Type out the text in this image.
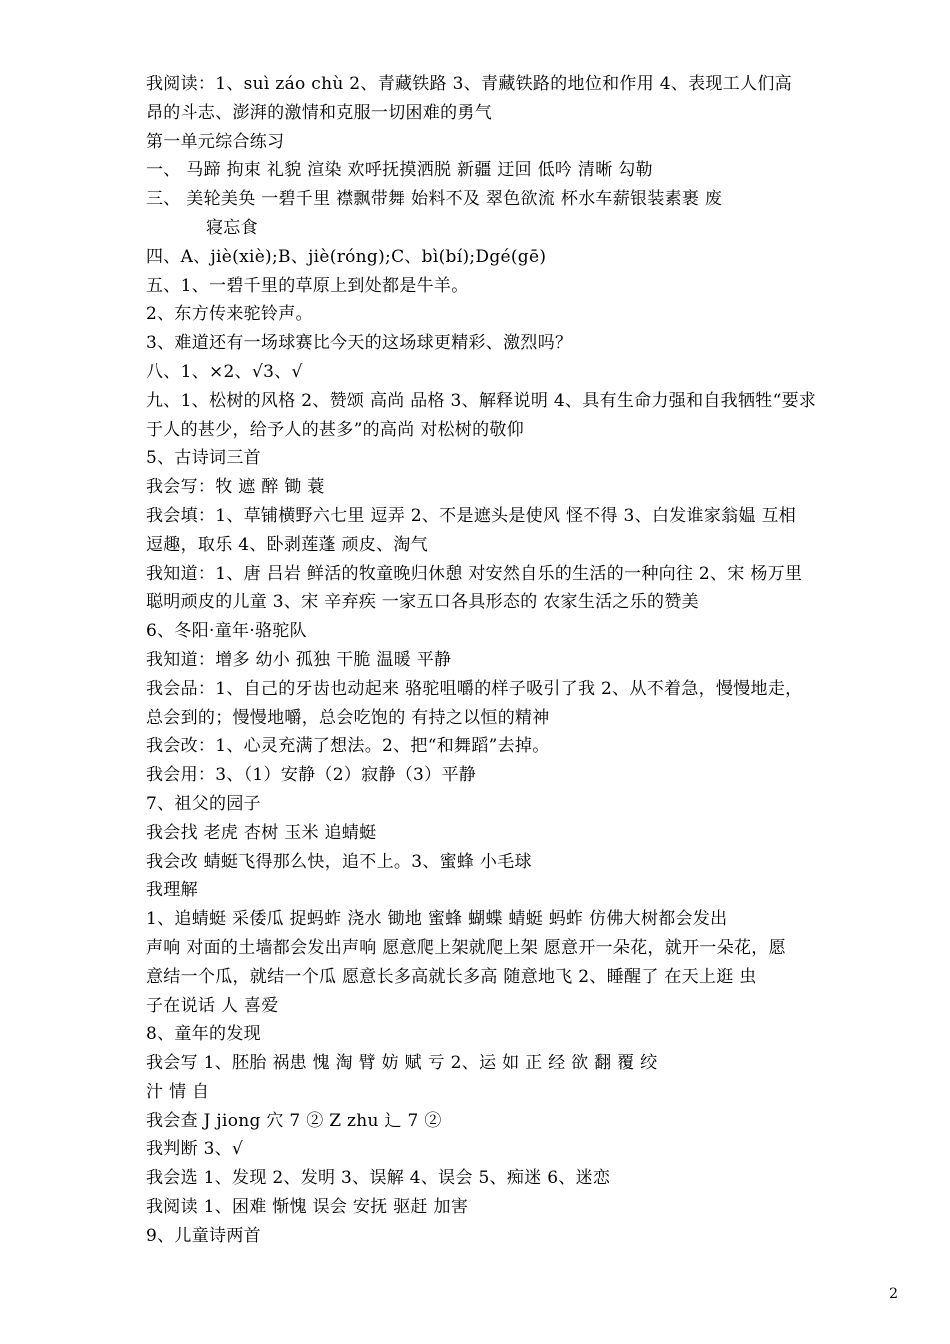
我阅读：1、suì záo chù 2、青藏铁路 3、青藏铁路的地位和作用 4、表现工人们高
昂的斗志、澎湃的激情和克服一切困难的勇气
第一单元综合练习
一、 马蹄 拘束 礼貌 渲染 欢呼抚摸洒脱 新疆 迂回 低吟 清晰 勾勒
三、 美轮美奂 一碧千里 襟飘带舞 始料不及 翠色欲流 杯水车薪银装素裹 废
寝忘食
四、A、jiè(xiè);B、jiè(róng);C、bì(bí);Dgé(gē)
五、1、一碧千里的草原上到处都是牛羊。
2、东方传来驼铃声。
3、难道还有一场球赛比今天的这场球更精彩、激烈吗？
八、1、×2、√3、√
九、1、松树的风格 2、赞颂 高尚 品格 3、解释说明 4、具有生命力强和自我牺牲“要求
于人的甚少，给予人的甚多”的高尚 对松树的敬仰
5、古诗词三首
我会写：牧 遮 醉 锄 蓑
我会填：1、草铺横野六七里 逗弄 2、不是遮头是使风 怪不得 3、白发谁家翁媪 互相
逗趣，取乐 4、卧剥莲蓬 顽皮、淘气
我知道：1、唐 吕岩 鲜活的牧童晚归休憩 对安然自乐的生活的一种向往 2、宋 杨万里
聪明顽皮的儿童 3、宋 辛弃疾 一家五口各具形态的 农家生活之乐的赞美
6、冬阳·童年·骆驼队
我知道：增多 幼小 孤独 干脆 温暖 平静
我会品：1、自己的牙齿也动起来 骆驼咀嚼的样子吸引了我 2、从不着急，慢慢地走，
总会到的；慢慢地嚼，总会吃饱的 有持之以恒的精神
我会改：1、心灵充满了想法。2、把“和舞蹈”去掉。
我会用：3、（1）安静（2）寂静（3）平静
7、祖父的园子
我会找 老虎 杏树 玉米 追蜻蜓
我会改 蜻蜓飞得那么快，追不上。3、蜜蜂 小毛球
我理解
1、追蜻蜓 采倭瓜 捉蚂蚱 浇水 锄地 蜜蜂 蝴蝶 蜻蜓 蚂蚱 仿佛大树都会发出
声响 对面的土墙都会发出声响 愿意爬上架就爬上架 愿意开一朵花，就开一朵花，愿
意结一个瓜，就结一个瓜 愿意长多高就长多高 随意地飞 2、睡醒了 在天上逛 虫
子在说话 人 喜爱
8、童年的发现
我会写 1、胚胎 祸患 愧 淘 臂 妨 赋 亏 2、运 如 正 经 欲 翻 覆 绞
汁 情 自
我会查 J jiong 穴 7 ② Z zhu 辶 7 ②
我判断 3、√
我会选 1、发现 2、发明 3、误解 4、误会 5、痴迷 6、迷恋
我阅读 1、困难 惭愧 误会 安抚 驱赶 加害
9、儿童诗两首
2
